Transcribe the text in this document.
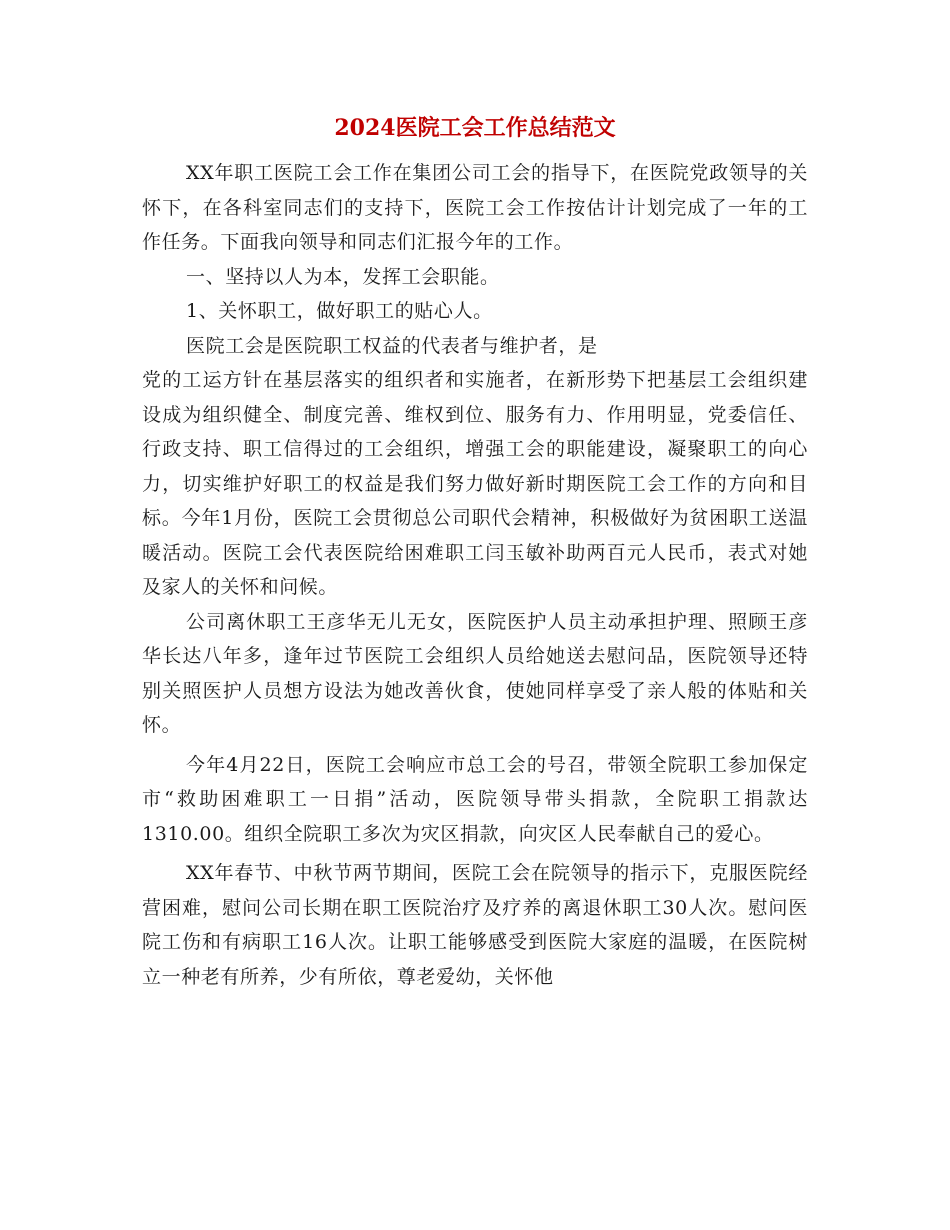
2024医院工会工作总结范文

XX年职工医院工会工作在集团公司工会的指导下，在医院党政领导的关怀下，在各科室同志们的支持下，医院工会工作按估计计划完成了一年的工作任务。下面我向领导和同志们汇报今年的工作。

一、坚持以人为本，发挥工会职能。

1、关怀职工，做好职工的贴心人。

医院工会是医院职工权益的代表者与维护者，是
党的工运方针在基层落实的组织者和实施者，在新形势下把基层工会组织建设成为组织健全、制度完善、维权到位、服务有力、作用明显，党委信任、行政支持、职工信得过的工会组织，增强工会的职能建设，凝聚职工的向心力，切实维护好职工的权益是我们努力做好新时期医院工会工作的方向和目标。今年1月份，医院工会贯彻总公司职代会精神，积极做好为贫困职工送温暖活动。医院工会代表医院给困难职工闫玉敏补助两百元人民币，表式对她及家人的关怀和问候。

公司离休职工王彦华无儿无女，医院医护人员主动承担护理、照顾王彦华长达八年多，逢年过节医院工会组织人员给她送去慰问品，医院领导还特别关照医护人员想方设法为她改善伙食，使她同样享受了亲人般的体贴和关怀。

今年4月22日，医院工会响应市总工会的号召，带领全院职工参加保定市“救助困难职工一日捐”活动，医院领导带头捐款，全院职工捐款达1310.00。组织全院职工多次为灾区捐款，向灾区人民奉献自己的爱心。

XX年春节、中秋节两节期间，医院工会在院领导的指示下，克服医院经营困难，慰问公司长期在职工医院治疗及疗养的离退休职工30人次。慰问医院工伤和有病职工16人次。让职工能够感受到医院大家庭的温暖，在医院树立一种老有所养，少有所依，尊老爱幼，关怀他
